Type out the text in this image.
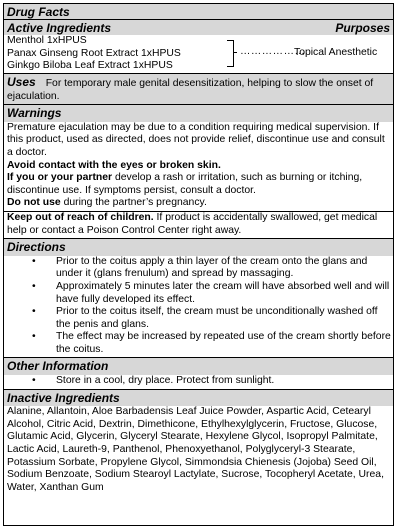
Drug Facts
Active Ingredients	Purposes

Menthol 1xHPUS

Panax Ginseng Root Extract 1xHPUS

Ginkgo Biloba Leaf Extract 1xHPUS

………………
Topical Anesthetic

Uses For temporary male genital desensitization, helping to slow the onset of ejaculation.

Warnings

Premature ejaculation may be due to a condition requiring medical supervision. If this product, used as directed, does not provide relief, discontinue use and consult a doctor.

Avoid contact with the eyes or broken skin.

If you or your partner develop a rash or irritation, such as burning or itching, discontinue use. If symptoms persist, consult a doctor.

Do not use during the partner’s pregnancy.

Keep out of reach of children. If product is accidentally swallowed, get medical help or contact a Poison Control Center right away.

Directions
• Prior to the coitus apply a thin layer of the cream onto the glans and under it (glans frenulum) and spread by massaging.
• Approximately 5 minutes later the cream will have absorbed well and will have fully developed its effect.
• Prior to the coitus itself, the cream must be unconditionally washed off the penis and glans.
• The effect may be increased by repeated use of the cream shortly before the coitus.
Other Information
• Store in a cool, dry place. Protect from sunlight.
Inactive Ingredients

Alanine, Allantoin, Aloe Barbadensis Leaf Juice Powder, Aspartic Acid, Cetearyl Alcohol, Citric Acid, Dextrin, Dimethicone, Ethylhexylglycerin, Fructose, Glucose, Glutamic Acid, Glycerin, Glyceryl Stearate, Hexylene Glycol, Isopropyl Palmitate, Lactic Acid, Laureth-9, Panthenol, Phenoxyethanol, Polyglyceryl-3 Stearate, Potassium Sorbate, Propylene Glycol, Simmondsia Chienesis (Jojoba) Seed Oil, Sodium Benzoate, Sodium Stearoyl Lactylate, Sucrose, Tocopheryl Acetate, Urea, Water, Xanthan Gum
